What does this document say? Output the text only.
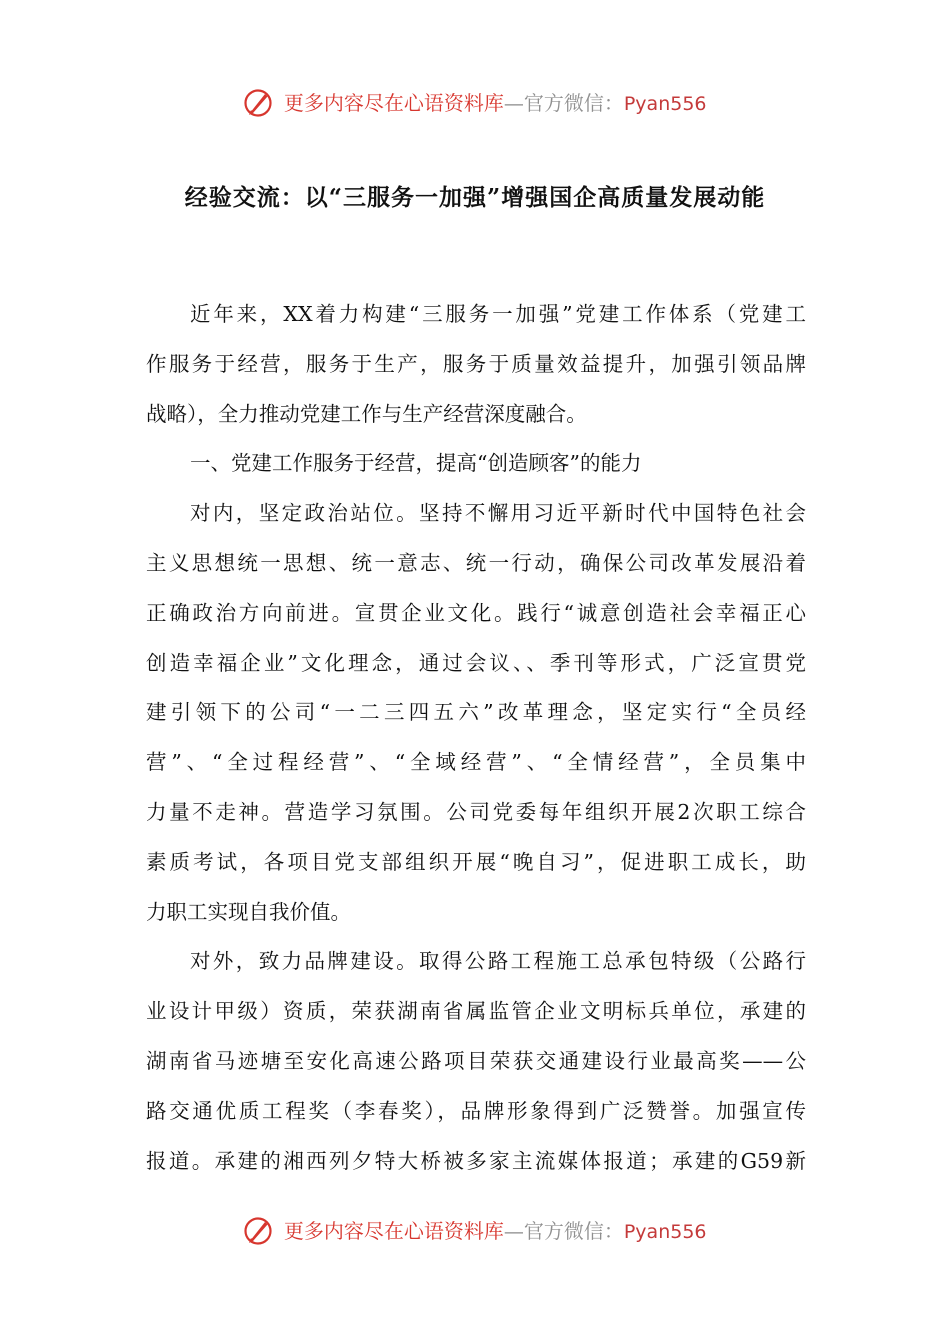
更多内容尽在心语资料库—官方微信：Pyan556
经验交流：以“三服务一加强”增强国企高质量发展动能
近年来，XX着力构建“三服务一加强”党建工作体系（党建工
作服务于经营，服务于生产，服务于质量效益提升，加强引领品牌
战略），全力推动党建工作与生产经营深度融合。
一、党建工作服务于经营，提高“创造顾客”的能力
对内，坚定政治站位。坚持不懈用习近平新时代中国特色社会
主义思想统一思想、统一意志、统一行动，确保公司改革发展沿着
正确政治方向前进。宣贯企业文化。践行“诚意创造社会幸福正心
创造幸福企业”文化理念，通过会议、、季刊等形式，广泛宣贯党
建引领下的公司“一二三四五六”改革理念，坚定实行“全员经
营”、“全过程经营”、“全域经营”、“全情经营”，全员集中
力量不走神。营造学习氛围。公司党委每年组织开展2次职工综合
素质考试，各项目党支部组织开展“晚自习”，促进职工成长，助
力职工实现自我价值。
对外，致力品牌建设。取得公路工程施工总承包特级（公路行
业设计甲级）资质，荣获湖南省属监管企业文明标兵单位，承建的
湖南省马迹塘至安化高速公路项目荣获交通建设行业最高奖——公
路交通优质工程奖（李春奖），品牌形象得到广泛赞誉。加强宣传
报道。承建的湘西列夕特大桥被多家主流媒体报道；承建的G59新
更多内容尽在心语资料库—官方微信：Pyan556
